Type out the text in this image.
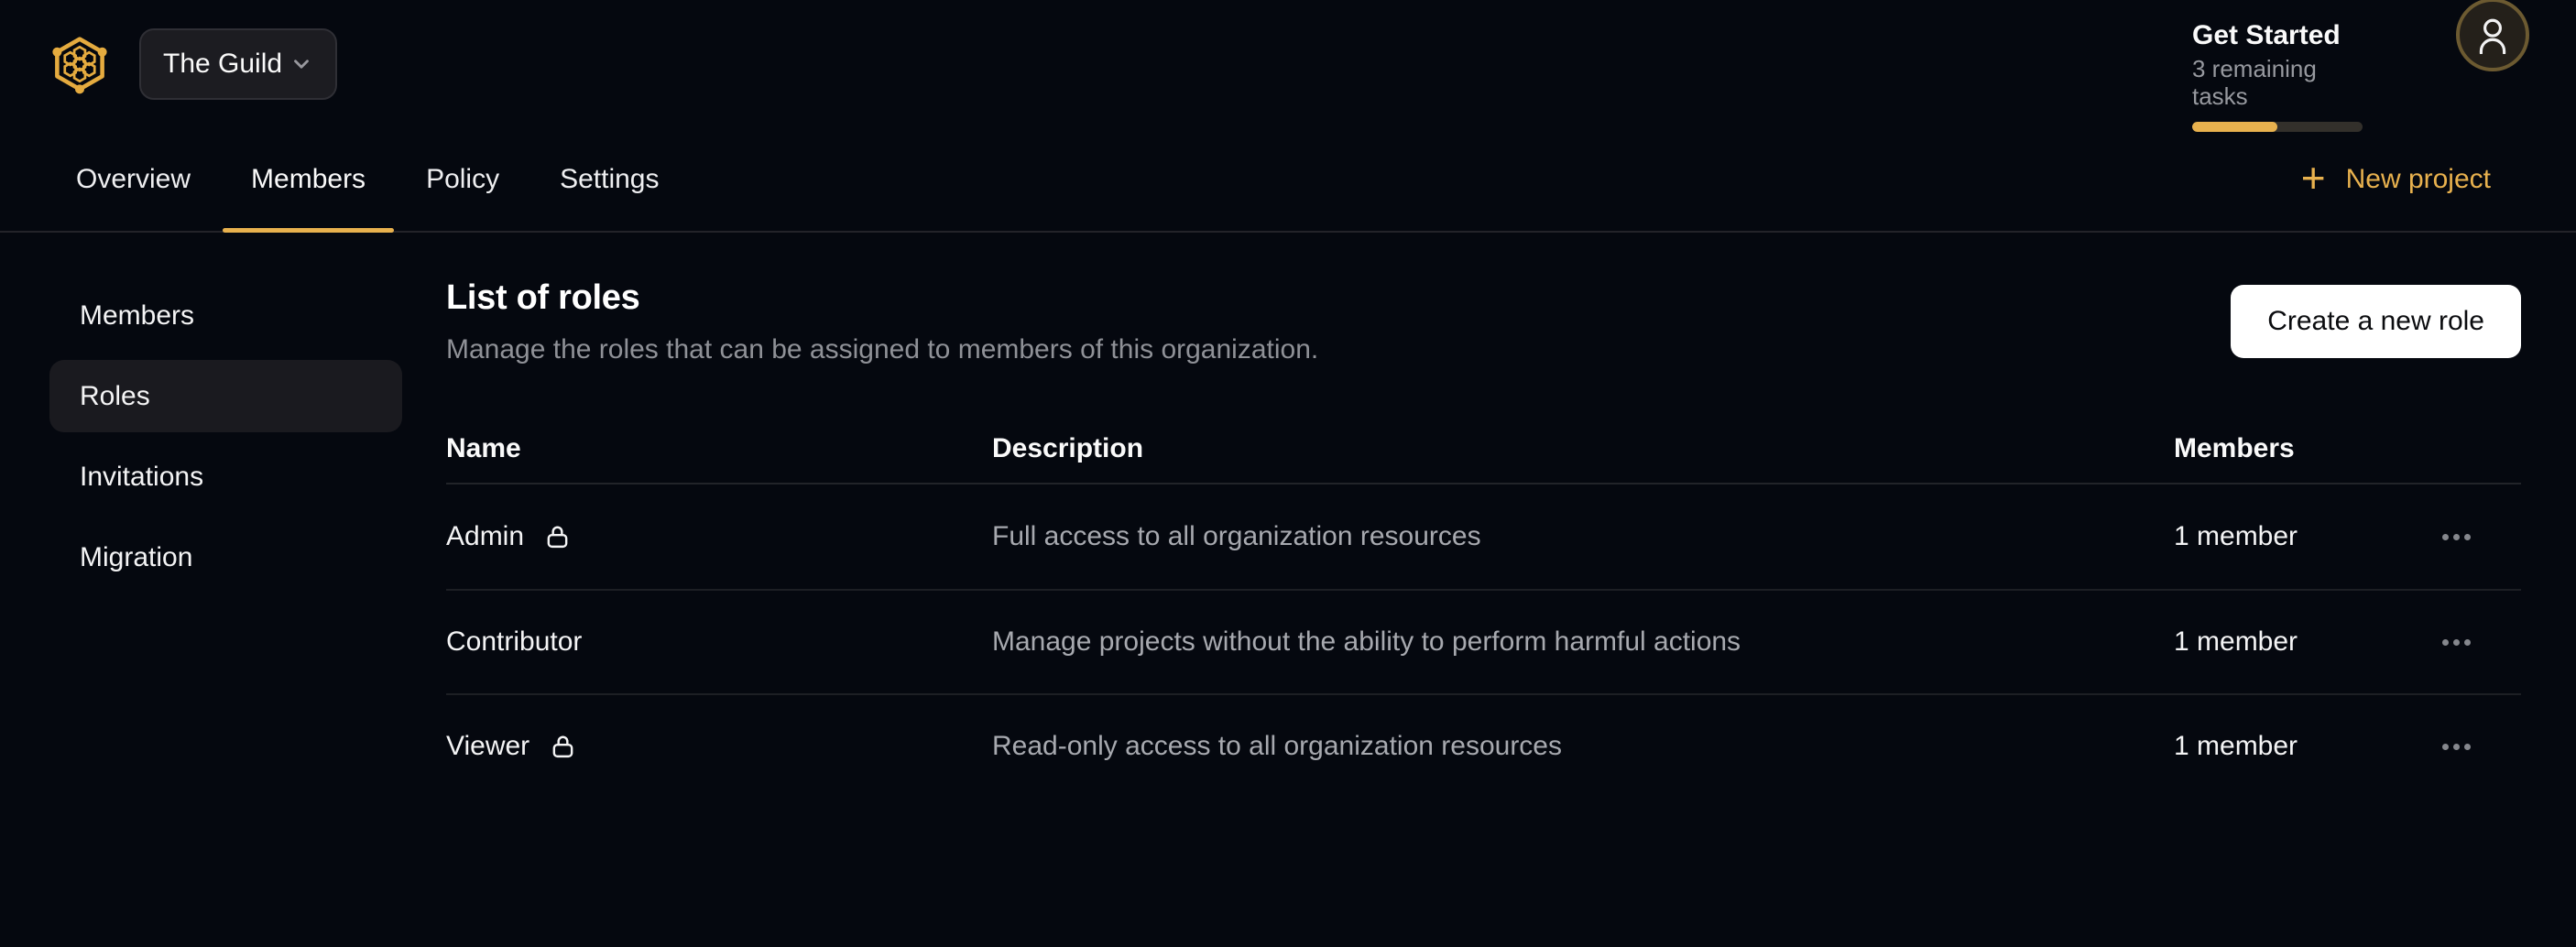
The Guild
Get Started
3 remaining tasks
Overview Members Policy Settings	+ New project
Members
Roles
Invitations
Migration
List of roles

Manage the roles that can be assigned to members of this organization.

Create a new role
Name	Description	Members
Admin	Full access to all organization resources	1 member
Contributor	Manage projects without the ability to perform harmful actions	1 member
Viewer	Read-only access to all organization resources	1 member
